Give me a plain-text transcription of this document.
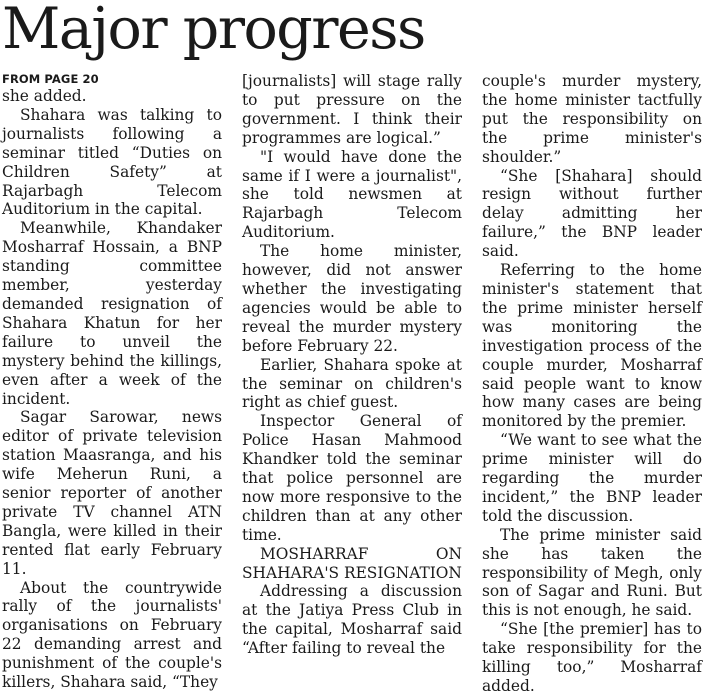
Major progress
FROM PAGE 20

she added.

Shahara was talking to journalists following a seminar titled “Duties on Children Safety” at Rajarbagh Telecom Auditorium in the capital.

Meanwhile, Khandaker Mosharraf Hossain, a BNP standing committee member, yesterday demanded resignation of Shahara Khatun for her failure to unveil the mystery behind the killings, even after a week of the incident.

Sagar Sarowar, news editor of private television station Maasranga, and his wife Meherun Runi, a senior reporter of another private TV channel ATN Bangla, were killed in their rented flat early February 11.

About the countrywide rally of the journalists' organisations on February 22 demanding arrest and punishment of the couple's killers, Shahara said, “They

[journalists] will stage rally to put pressure on the government. I think their programmes are logical.”

"I would have done the same if I were a journalist", she told newsmen at Rajarbagh Telecom Auditorium.

The home minister, however, did not answer whether the investigating agencies would be able to reveal the murder mystery before February 22.

Earlier, Shahara spoke at the seminar on children's right as chief guest.

Inspector General of Police Hasan Mahmood Khandker told the seminar that police personnel are now more responsive to the children than at any other time.

MOSHARRAF ON SHAHARA'S RESIGNATION

Addressing a discussion at the Jatiya Press Club in the capital, Mosharraf said “After failing to reveal the

couple's murder mystery, the home minister tactfully put the responsibility on the prime minister's shoulder.”

“She [Shahara] should resign without further delay admitting her failure,” the BNP leader said.

Referring to the home minister's statement that the prime minister herself was monitoring the investigation process of the couple murder, Mosharraf said people want to know how many cases are being monitored by the premier.

“We want to see what the prime minister will do regarding the murder incident,” the BNP leader told the discussion.

The prime minister said she has taken the responsibility of Megh, only son of Sagar and Runi. But this is not enough, he said.

“She [the premier] has to take responsibility for the killing too,” Mosharraf added.
